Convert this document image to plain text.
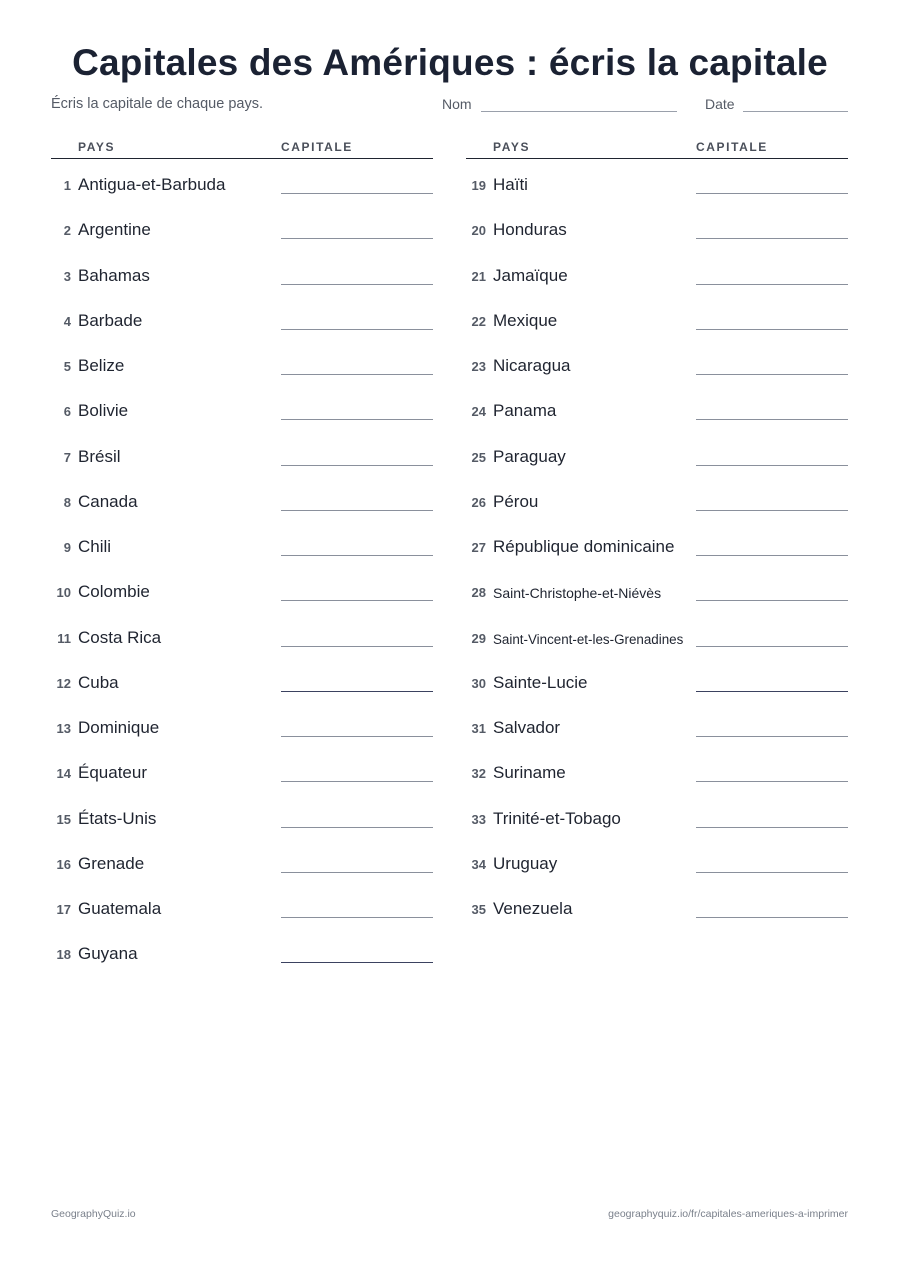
Capitales des Amériques : écris la capitale
Écris la capitale de chaque pays.	Nom	Date
PAYS	CAPITALE
1 Antigua-et-Barbuda
2 Argentine
3 Bahamas
4 Barbade
5 Belize
6 Bolivie
7 Brésil
8 Canada
9 Chili
10 Colombie
11 Costa Rica
12 Cuba
13 Dominique
14 Équateur
15 États-Unis
16 Grenade
17 Guatemala
18 Guyana
PAYS	CAPITALE
19 Haïti
20 Honduras
21 Jamaïque
22 Mexique
23 Nicaragua
24 Panama
25 Paraguay
26 Pérou
27 République dominicaine
28 Saint-Christophe-et-Niévès
29 Saint-Vincent-et-les-Grenadines
30 Sainte-Lucie
31 Salvador
32 Suriname
33 Trinité-et-Tobago
34 Uruguay
35 Venezuela
GeographyQuiz.io	geographyquiz.io/fr/capitales-ameriques-a-imprimer
